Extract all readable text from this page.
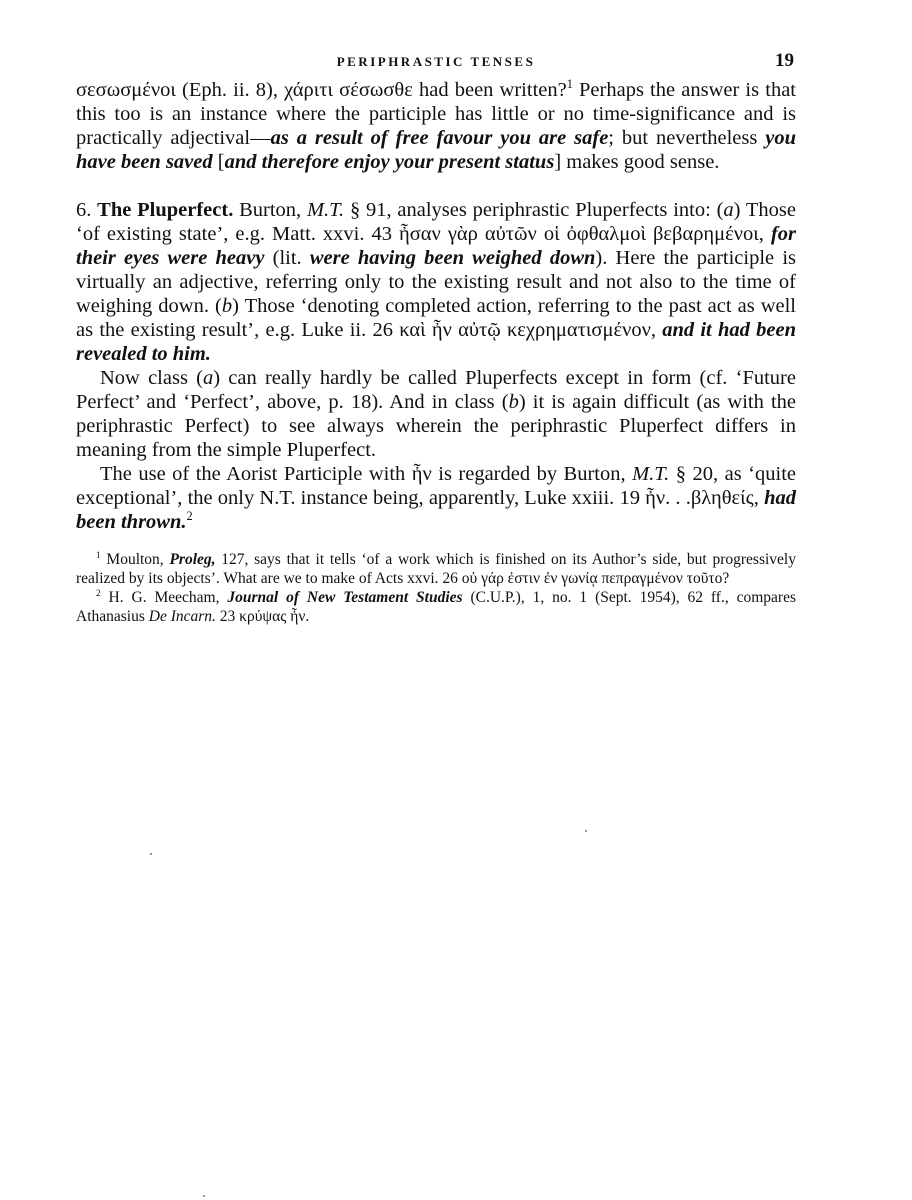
PERIPHRASTIC TENSES	19

σεσωσμένοι (Eph. ii. 8), χάριτι σέσωσθε had been written?$^1$ Perhaps the answer is that this too is an instance where the participle has little or no time-significance and is practically adjectival—as a result of free favour you are safe; but nevertheless you have been saved [and therefore enjoy your present status] makes good sense.

6. The Pluperfect. Burton, M.T. § 91, analyses periphrastic Pluperfects into: (a) Those ‘of existing state’, e.g. Matt. xxvi. 43 ἦσαν γὰρ αὐτῶν οἱ ὀφθαλμοὶ βεβαρημένοι, for their eyes were heavy (lit. were having been weighed down). Here the participle is virtually an adjective, referring only to the existing result and not also to the time of weighing down. (b) Those ‘denoting completed action, referring to the past act as well as the existing result’, e.g. Luke ii. 26 καὶ ἦν αὐτῷ κεχρηματισμένον, and it had been revealed to him.

Now class (a) can really hardly be called Pluperfects except in form (cf. ‘Future Perfect’ and ‘Perfect’, above, p. 18). And in class (b) it is again difficult (as with the periphrastic Perfect) to see always wherein the periphrastic Pluperfect differs in meaning from the simple Pluperfect.

The use of the Aorist Participle with ἦν is regarded by Burton, M.T. § 20, as ‘quite exceptional’, the only N.T. instance being, apparently, Luke xxiii. 19 ἦν. . .βληθείς, had been thrown.$^2$

$^1$ Moulton, Proleg, 127, says that it tells ‘of a work which is finished on its Author’s side, but progressively realized by its objects’. What are we to make of Acts xxvi. 26 οὐ γάρ ἐστιν ἐν γωνίᾳ πεπραγμένον τοῦτο?

$^2$ H. G. Meecham, Journal of New Testament Studies (C.U.P.), 1, no. 1 (Sept. 1954), 62 ff., compares Athanasius De Incarn. 23 κρύψας ἦν.
